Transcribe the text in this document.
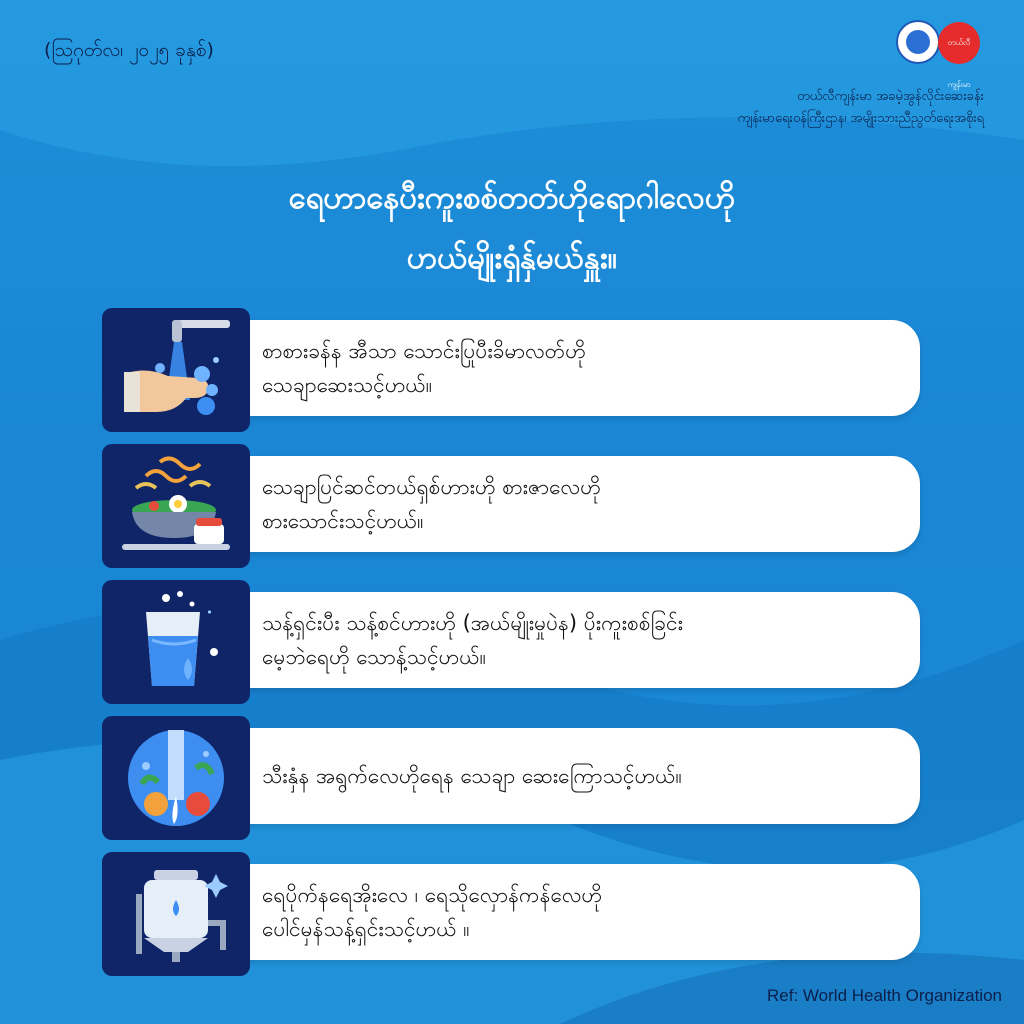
(ဩဂုတ်လ၊ ၂၀၂၅ ခုနှစ်)	တယ်လီကျန်းမာ
တယ်လီကျန်းမာ အခမဲ့အွန်လိုင်းဆေးခန်း
ကျန်းမာရေးဝန်ကြီးဌာန၊ အမျိုးသားညီညွတ်ရေးအစိုးရ
ရေဟာနေပီးကူးစစ်တတ်ဟိုရောဂါလေဟို
ဟယ်မျိုးရှံနှ်မယ်နှူး။
စာစားခန်န အီသာ သောင်းပြုပီးခိမာလတ်ဟို
သေချာဆေးသင့်ဟယ်။
သေချာပြင်ဆင်တယ်ရှစ်ဟားဟို စားဇာလေဟို
စားသောင်းသင့်ဟယ်။
သန့်ရှင်းပီး သန့်စင်ဟားဟို (အယ်မျိုးမှုပဲန) ပိုးကူးစစ်ခြင်း
မေ့ဘဲရေဟို သောန့်သင့်ဟယ်။
သီးနှံန အရွက်လေဟိုရေန သေချာ ဆေးကြောသင့်ဟယ်။
ရေပိုက်နရေအိုးလေ ၊ ရေသိုလှောန်ကန်လေဟို
ပေါင်မှန်သန့်ရှင်းသင့်ဟယ် ။
Ref: World Health Organization
